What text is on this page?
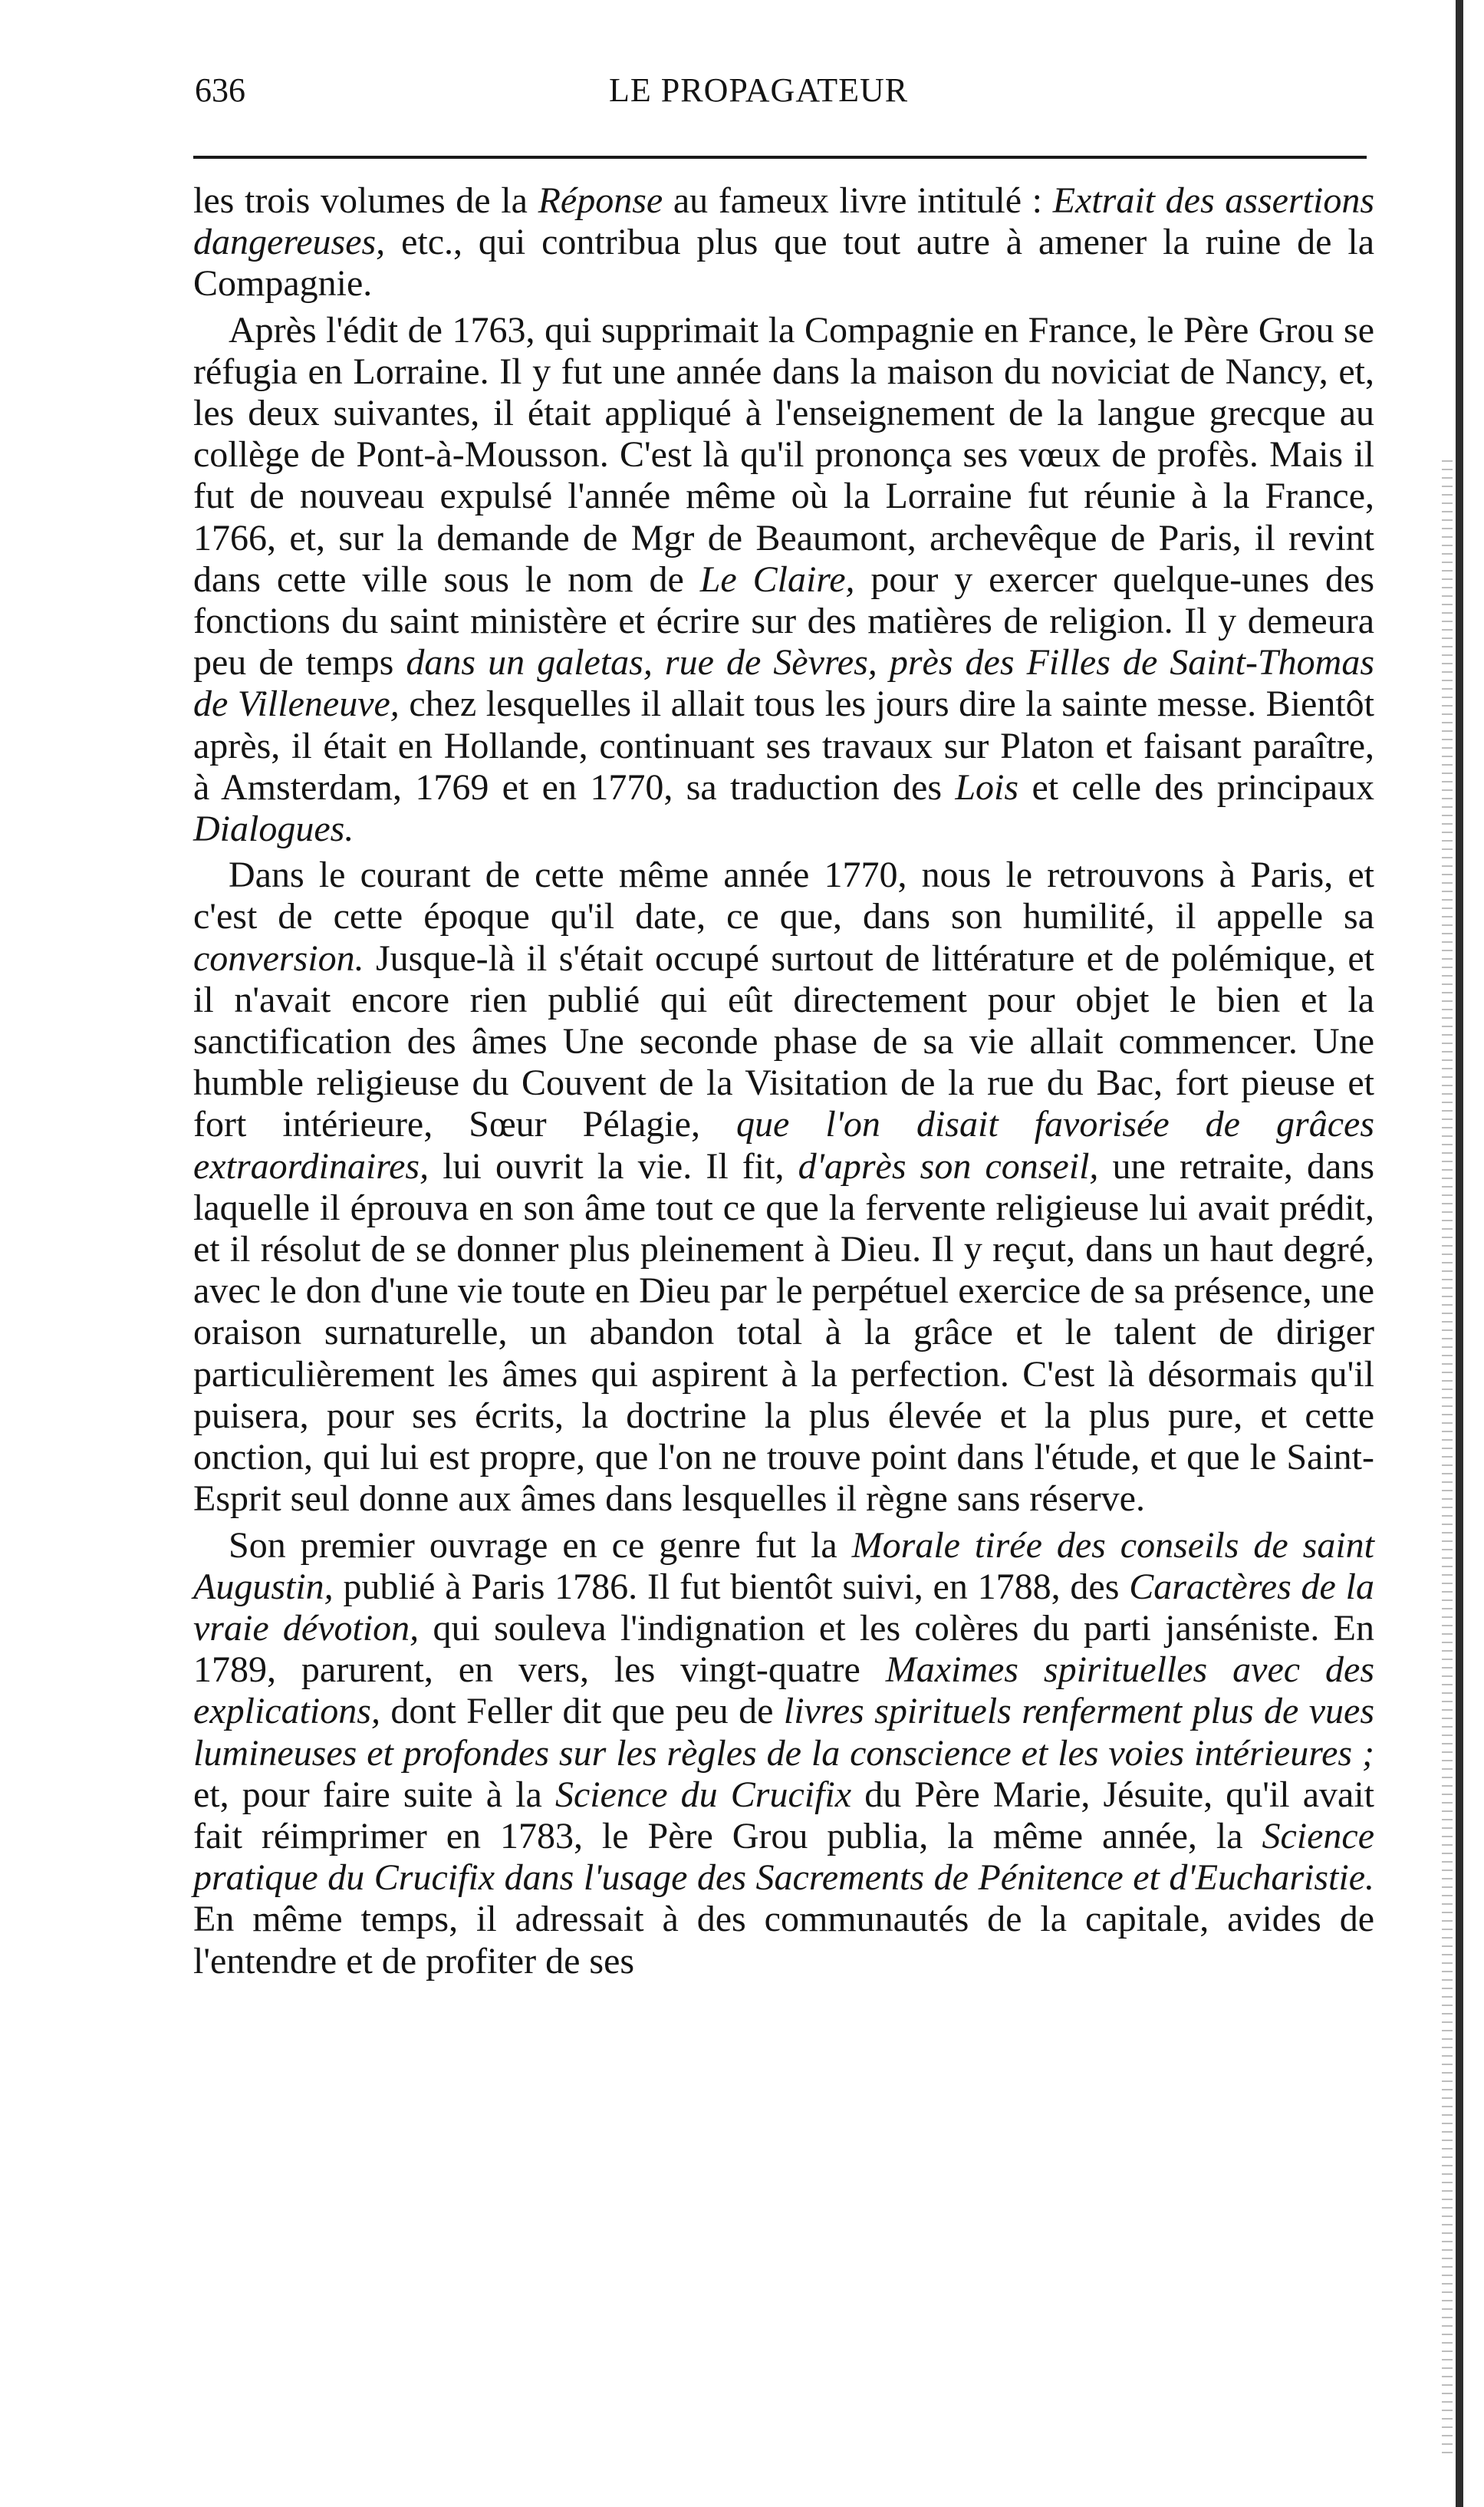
636	LE PROPAGATEUR

les trois volumes de la Réponse au fameux livre intitulé : Extrait des assertions dangereuses, etc., qui contribua plus que tout autre à amener la ruine de la Compagnie.

Après l'édit de 1763, qui supprimait la Compagnie en France, le Père Grou se réfugia en Lorraine. Il y fut une année dans la maison du noviciat de Nancy, et, les deux suivantes, il était appliqué à l'enseignement de la langue grecque au collège de Pont-à-Mousson. C'est là qu'il prononça ses vœux de profès. Mais il fut de nouveau expulsé l'année même où la Lorraine fut réunie à la France, 1766, et, sur la demande de Mgr de Beaumont, archevêque de Paris, il revint dans cette ville sous le nom de Le Claire, pour y exercer quelque-unes des fonctions du saint ministère et écrire sur des matières de religion. Il y demeura peu de temps dans un galetas, rue de Sèvres, près des Filles de Saint-Thomas de Villeneuve, chez lesquelles il allait tous les jours dire la sainte messe. Bientôt après, il était en Hollande, continuant ses travaux sur Platon et faisant paraître, à Amsterdam, 1769 et en 1770, sa traduction des Lois et celle des principaux Dialogues.

Dans le courant de cette même année 1770, nous le retrouvons à Paris, et c'est de cette époque qu'il date, ce que, dans son humilité, il appelle sa conversion. Jusque-là il s'était occupé surtout de littérature et de polémique, et il n'avait encore rien publié qui eût directement pour objet le bien et la sanctification des âmes Une seconde phase de sa vie allait commencer. Une humble religieuse du Couvent de la Visitation de la rue du Bac, fort pieuse et fort intérieure, Sœur Pélagie, que l'on disait favorisée de grâces extraordinaires, lui ouvrit la vie. Il fit, d'après son conseil, une retraite, dans laquelle il éprouva en son âme tout ce que la fervente religieuse lui avait prédit, et il résolut de se donner plus pleinement à Dieu. Il y reçut, dans un haut degré, avec le don d'une vie toute en Dieu par le perpétuel exercice de sa présence, une oraison surnaturelle, un abandon total à la grâce et le talent de diriger particulièrement les âmes qui aspirent à la perfection. C'est là désormais qu'il puisera, pour ses écrits, la doctrine la plus élevée et la plus pure, et cette onction, qui lui est propre, que l'on ne trouve point dans l'étude, et que le Saint-Esprit seul donne aux âmes dans lesquelles il règne sans réserve.

Son premier ouvrage en ce genre fut la Morale tirée des conseils de saint Augustin, publié à Paris 1786. Il fut bientôt suivi, en 1788, des Caractères de la vraie dévotion, qui souleva l'indignation et les colères du parti janséniste. En 1789, parurent, en vers, les vingt-quatre Maximes spirituelles avec des explications, dont Feller dit que peu de livres spirituels renferment plus de vues lumineuses et profondes sur les règles de la conscience et les voies intérieures ; et, pour faire suite à la Science du Crucifix du Père Marie, Jésuite, qu'il avait fait réimprimer en 1783, le Père Grou publia, la même année, la Science pratique du Crucifix dans l'usage des Sacrements de Pénitence et d'Eucharistie. En même temps, il adressait à des communautés de la capitale, avides de l'entendre et de profiter de ses
